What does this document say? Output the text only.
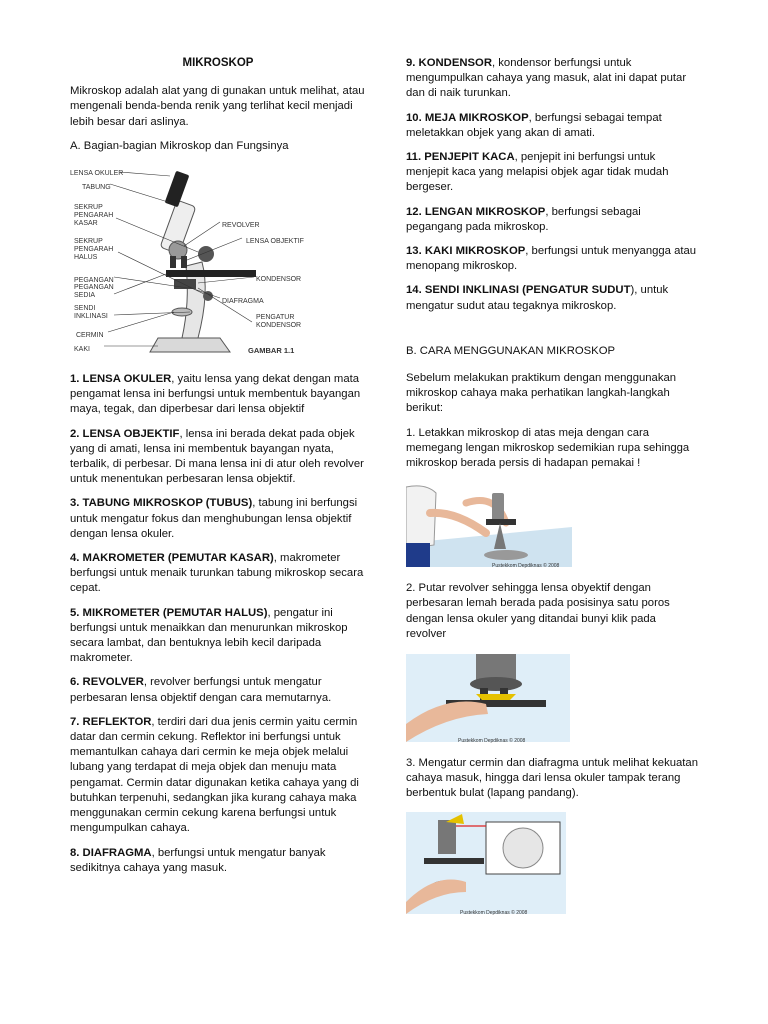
MIKROSKOP

Mikroskop adalah alat yang di gunakan untuk melihat, atau mengenali benda-benda renik yang terlihat kecil menjadi lebih besar dari aslinya.

A. Bagian-bagian Mikroskop dan Fungsinya

LENSA OKULER
TABUNG
SEKRUP PENGARAH KASAR
SEKRUP PENGARAH HALUS
PEGANGAN
PEGANGAN SEDIA
SENDI INKLINASI
CERMIN
KAKI
REVOLVER
LENSA OBJEKTIF
KONDENSOR
DIAFRAGMA
PENGATUR KONDENSOR
GAMBAR 1.1

1. LENSA OKULER, yaitu lensa yang dekat dengan mata pengamat lensa ini berfungsi untuk membentuk bayangan maya, tegak, dan diperbesar dari lensa objektif

2. LENSA OBJEKTIF, lensa ini berada dekat pada objek yang di amati, lensa ini membentuk bayangan nyata, terbalik, di perbesar. Di mana lensa ini di atur oleh revolver untuk menentukan perbesaran lensa objektif.

3. TABUNG MIKROSKOP (TUBUS), tabung ini berfungsi untuk mengatur fokus dan menghubungan lensa objektif dengan lensa okuler.

4. MAKROMETER (PEMUTAR KASAR), makrometer berfungsi untuk menaik turunkan tabung mikroskop secara cepat.

5. MIKROMETER (PEMUTAR HALUS), pengatur ini berfungsi untuk menaikkan dan menurunkan mikroskop secara lambat, dan bentuknya lebih kecil daripada makrometer.

6. REVOLVER, revolver berfungsi untuk mengatur perbesaran lensa objektif dengan cara memutarnya.

7. REFLEKTOR, terdiri dari dua jenis cermin yaitu cermin datar dan cermin cekung. Reflektor ini berfungsi untuk memantulkan cahaya dari cermin ke meja objek melalui lubang yang terdapat di meja objek dan menuju mata pengamat. Cermin datar digunakan ketika cahaya yang di butuhkan terpenuhi, sedangkan jika kurang cahaya maka menggunakan cermin cekung karena berfungsi untuk mengumpulkan cahaya.

8. DIAFRAGMA, berfungsi untuk mengatur banyak sedikitnya cahaya yang masuk.

9. KONDENSOR, kondensor berfungsi untuk mengumpulkan cahaya yang masuk, alat ini dapat putar dan di naik turunkan.

10. MEJA MIKROSKOP, berfungsi sebagai tempat meletakkan objek yang akan di amati.

11. PENJEPIT KACA, penjepit ini berfungsi untuk menjepit kaca yang melapisi objek agar tidak mudah bergeser.

12. LENGAN MIKROSKOP, berfungsi sebagai pegangang pada mikroskop.

13. KAKI MIKROSKOP, berfungsi untuk menyangga atau menopang mikroskop.

14. SENDI INKLINASI (PENGATUR SUDUT), untuk mengatur sudut atau tegaknya mikroskop.

B. CARA MENGGUNAKAN MIKROSKOP

Sebelum melakukan praktikum dengan menggunakan mikroskop cahaya maka perhatikan langkah-langkah berikut:

1. Letakkan mikroskop di atas meja dengan cara memegang lengan mikroskop sedemikian rupa sehingga mikroskop berada persis di hadapan pemakai !

Pustekkom Depdiknas © 2008

2. Putar revolver sehingga lensa obyektif dengan perbesaran lemah berada pada posisinya satu poros dengan lensa okuler yang ditandai bunyi klik pada revolver

Pustekkom Depdiknas © 2008

3. Mengatur cermin dan diafragma untuk melihat kekuatan cahaya masuk, hingga dari lensa okuler tampak terang berbentuk bulat (lapang pandang).

Pustekkom Depdiknas © 2008
